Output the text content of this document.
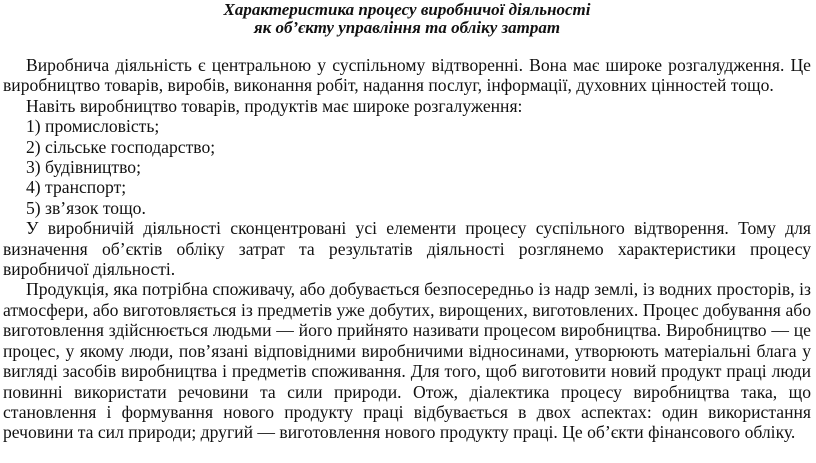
Характеристика процесу виробничої діяльності

як об’єкту управління та обліку затрат

Виробнича діяльність є центральною у суспільному відтворенні. Вона має широке розгалудження. Це виробництво товарів, виробів, виконання робіт, надання послуг, інформації, духовних цінностей тощо.

Навіть виробництво товарів, продуктів має широке розгалуження:

1) промисловість;
2) сільське господарство;
3) будівництво;
4) транспорт;
5) зв’язок тощо.

У виробничій діяльності сконцентровані усі елементи процесу суспільного відтворення. Тому для визначення об’єктів обліку затрат та результатів діяльності розглянемо характеристики процесу виробничої діяльності.

Продукція, яка потрібна споживачу, або добувається безпосередньо із надр землі, із водних просторів, із атмосфери, або виготовляється із предметів уже добутих, вирощених, виготовлених. Процес добування або виготовлення здійснюється людьми — його прийнято називати процесом виробництва. Виробництво — це процес, у якому люди, пов’язані відповідними виробничими відносинами, утворюють матеріальні блага у вигляді засобів виробництва і предметів споживання. Для того, щоб виготовити новий продукт праці люди повинні використати речовини та сили природи. Отож, діалектика процесу виробництва така, що становлення і формування нового продукту праці відбувається в двох аспектах: один використання речовини та сил природи; другий — виготовлення нового продукту праці. Це об’єкти фінансового обліку.
